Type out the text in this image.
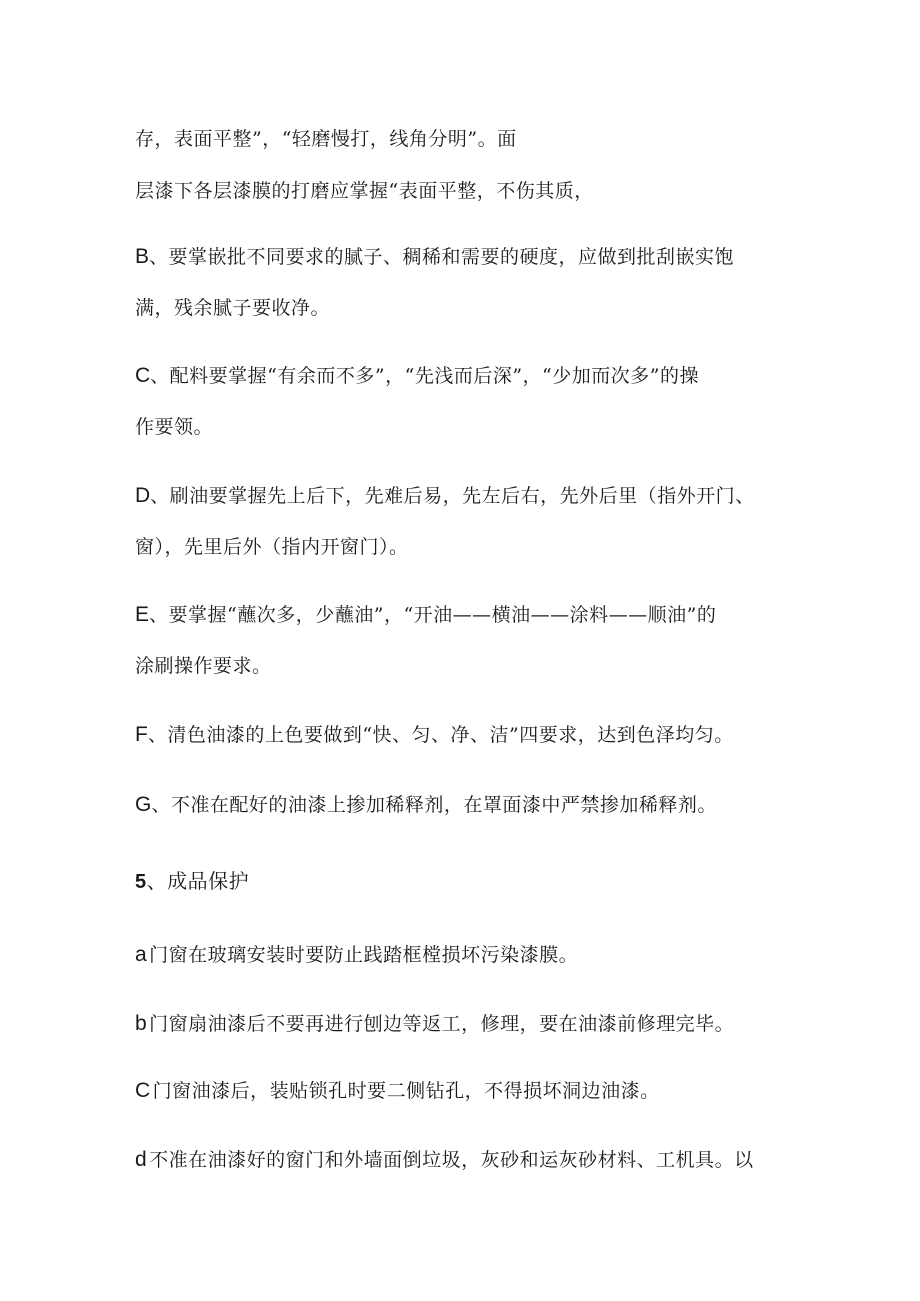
存，表面平整”，“轻磨慢打，线角分明”。面
层漆下各层漆膜的打磨应掌握“表面平整，不伤其质，
B、要掌嵌批不同要求的腻子、稠稀和需要的硬度，应做到批刮嵌实饱
满，残余腻子要收净。
C、配料要掌握“有余而不多”，“先浅而后深”，“少加而次多”的操
作要领。
D、刷油要掌握先上后下，先难后易，先左后右，先外后里（指外开门、
窗），先里后外（指内开窗门）。
E、要掌握“蘸次多，少蘸油”，“开油——横油——涂料——顺油”的
涂刷操作要求。
F、清色油漆的上色要做到“快、匀、净、洁”四要求，达到色泽均匀。
G、不准在配好的油漆上掺加稀释剂，在罩面漆中严禁掺加稀释剂。
5、成品保护
a  门窗在玻璃安装时要防止践踏框樘损坏污染漆膜。
b  门窗扇油漆后不要再进行刨边等返工，修理，要在油漆前修理完毕。
C  门窗油漆后，装贴锁孔时要二侧钻孔，不得损坏洞边油漆。
d  不准在油漆好的窗门和外墙面倒垃圾，灰砂和运灰砂材料、工机具。以
